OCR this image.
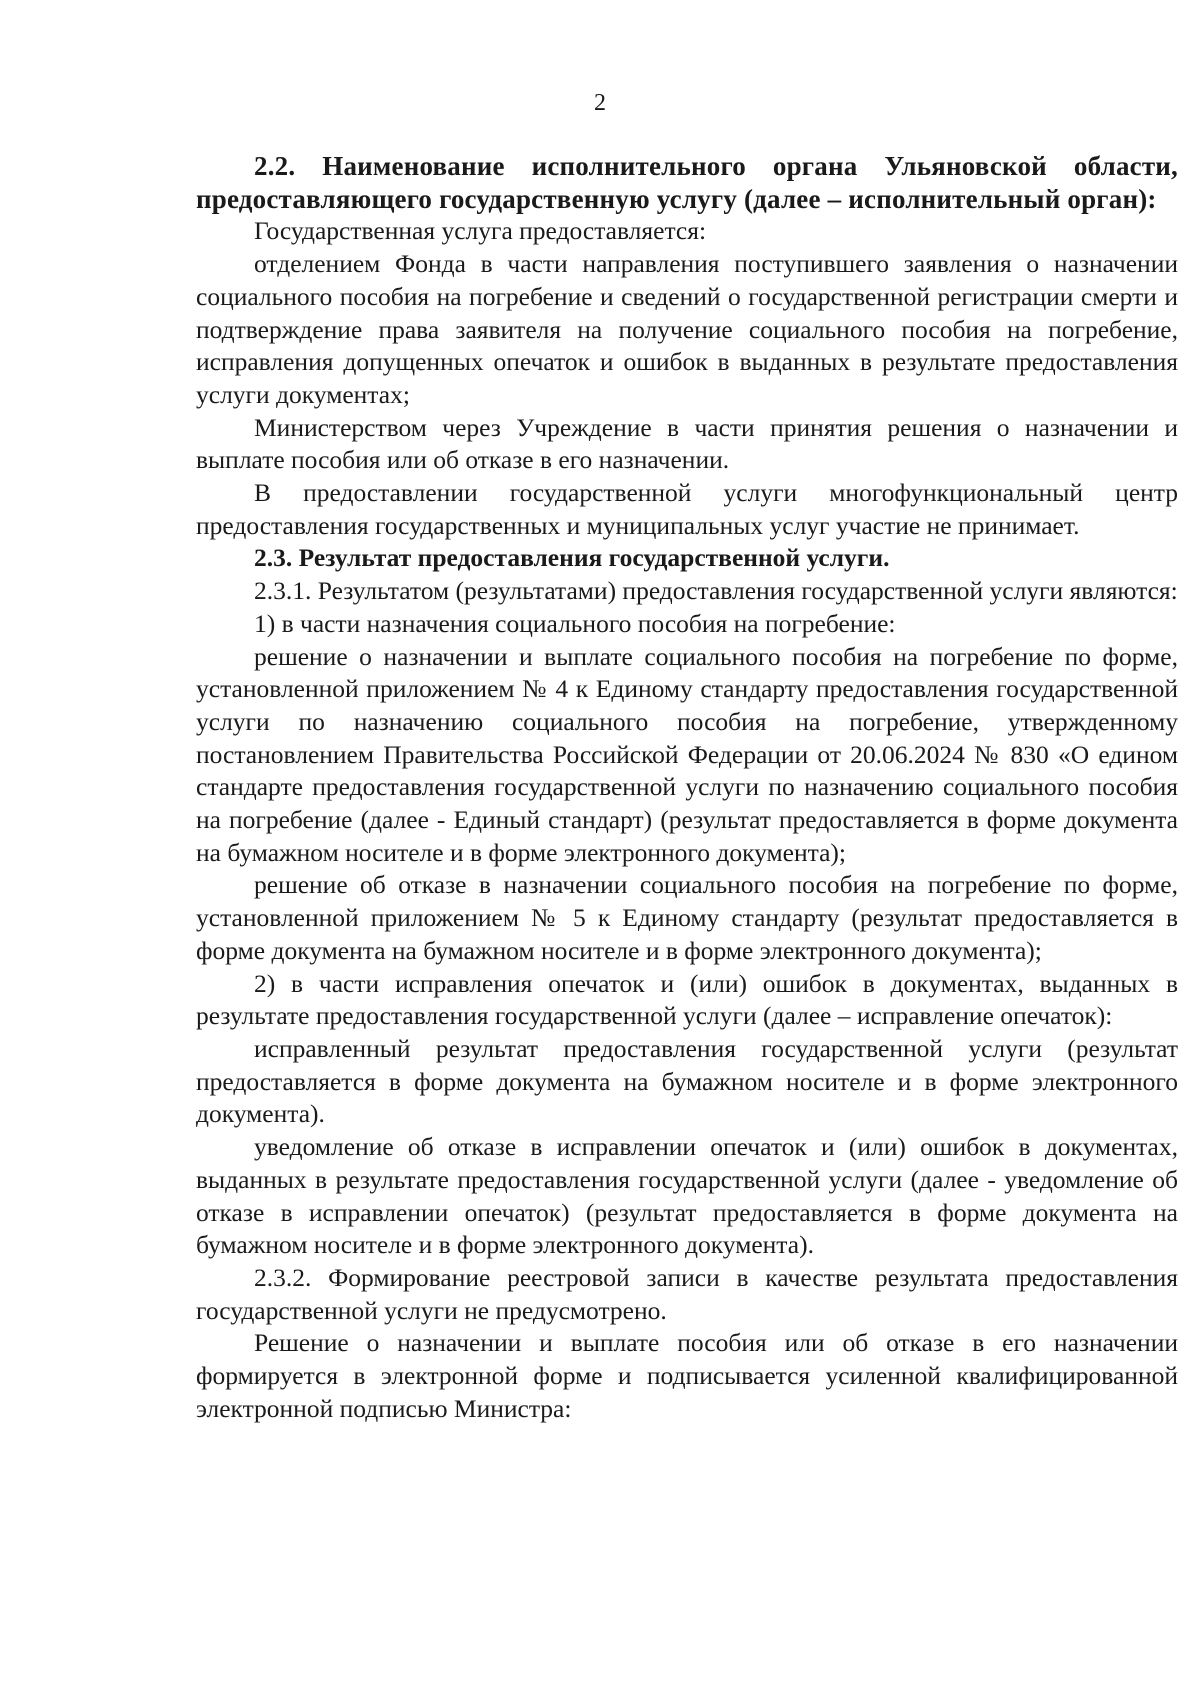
2

2.2. Наименование исполнительного органа Ульяновской области, предоставляющего государственную услугу (далее – исполнительный орган):

Государственная услуга предоставляется:

отделением Фонда в части направления поступившего заявления о назначении социального пособия на погребение и сведений о государственной регистрации смерти и подтверждение права заявителя на получение социального пособия на погребение, исправления допущенных опечаток и ошибок в выданных в результате предоставления услуги документах;

Министерством через Учреждение в части принятия решения о назначении и выплате пособия или об отказе в его назначении.

В предоставлении государственной услуги многофункциональный центр предоставления государственных и муниципальных услуг участие не принимает.

2.3. Результат предоставления государственной услуги.

2.3.1. Результатом (результатами) предоставления государственной услуги являются:

1) в части назначения социального пособия на погребение:

решение о назначении и выплате социального пособия на погребение по форме, установленной приложением № 4 к Единому стандарту предоставления государственной услуги по назначению социального пособия на погребение, утвержденному постановлением Правительства Российской Федерации от 20.06.2024 № 830 «О едином стандарте предоставления государственной услуги по назначению социального пособия на погребение (далее - Единый стандарт) (результат предоставляется в форме документа на бумажном носителе и в форме электронного документа);

решение об отказе в назначении социального пособия на погребение по форме, установленной приложением № 5 к Единому стандарту (результат предоставляется в форме документа на бумажном носителе и в форме электронного документа);

2) в части исправления опечаток и (или) ошибок в документах, выданных в результате предоставления государственной услуги (далее – исправление опечаток):

исправленный результат предоставления государственной услуги (результат предоставляется в форме документа на бумажном носителе и в форме электронного документа).

уведомление об отказе в исправлении опечаток и (или) ошибок в документах, выданных в результате предоставления государственной услуги (далее - уведомление об отказе в исправлении опечаток) (результат предоставляется в форме документа на бумажном носителе и в форме электронного документа).

2.3.2. Формирование реестровой записи в качестве результата предоставления государственной услуги не предусмотрено.

Решение о назначении и выплате пособия или об отказе в его назначении формируется в электронной форме и подписывается усиленной квалифицированной электронной подписью Министра:
